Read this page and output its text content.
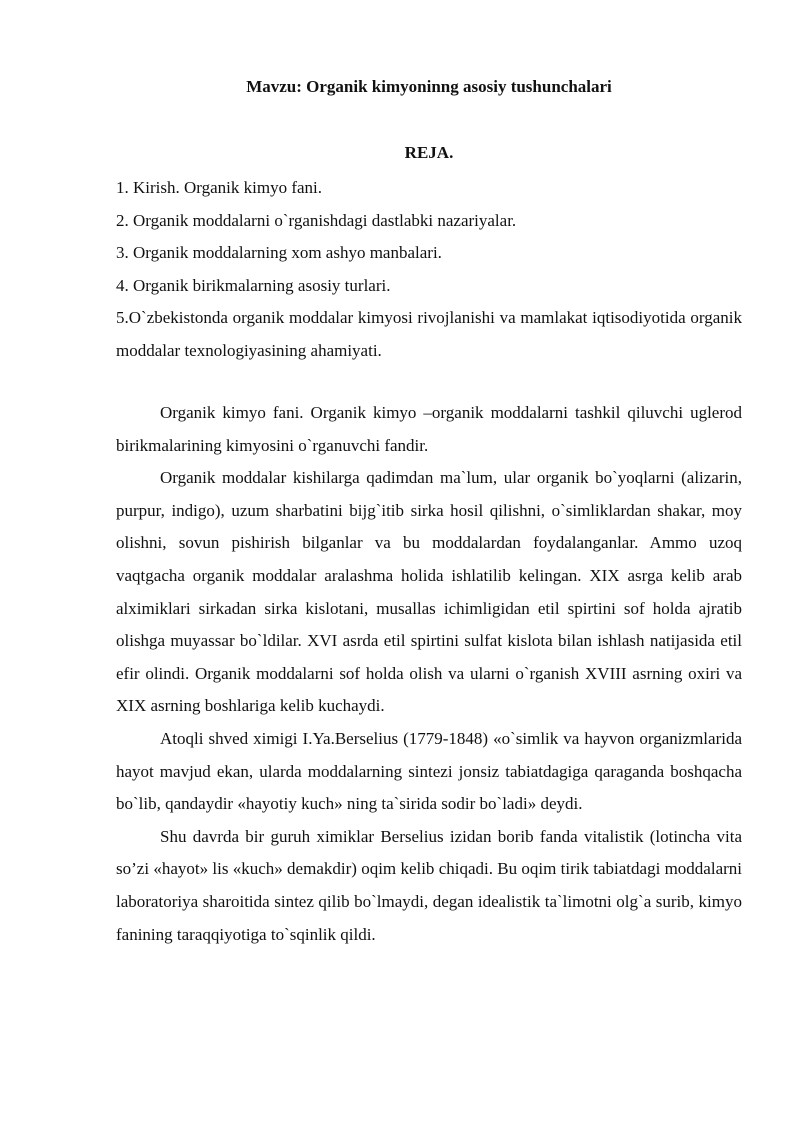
Mavzu: Organik kimyoninng asosiy tushunchalari
REJA.
1. Kirish. Organik kimyo fani.
2. Organik moddalarni o`rganishdagi dastlabki nazariyalar.
3. Organik moddalarning xom ashyo manbalari.
4. Organik birikmalarning asosiy turlari.
5.O`zbekistonda organik moddalar kimyosi rivojlanishi va mamlakat iqtisodiyotida organik moddalar texnologiyasining ahamiyati.

Organik kimyo fani. Organik kimyo –organik moddalarni tashkil qiluvchi uglerod birikmalarining kimyosini o`rganuvchi fandir.

Organik moddalar kishilarga qadimdan ma`lum, ular organik bo`yoqlarni (alizarin, purpur, indigo), uzum sharbatini bijg`itib sirka hosil qilishni, o`simliklardan shakar, moy olishni, sovun pishirish bilganlar va bu moddalardan foydalanganlar. Ammo uzoq vaqtgacha organik moddalar aralashma holida ishlatilib kelingan. XIX asrga kelib arab alximiklari sirkadan sirka kislotani, musallas ichimligidan etil spirtini sof holda ajratib olishga muyassar bo`ldilar. XVI asrda etil spirtini sulfat kislota bilan ishlash natijasida etil efir olindi. Organik moddalarni sof holda olish va ularni o`rganish XVIII asrning oxiri va XIX asrning boshlariga kelib kuchaydi.

Atoqli shved ximigi I.Ya.Berselius (1779-1848) «o`simlik va hayvon organizmlarida hayot mavjud ekan, ularda moddalarning sintezi jonsiz tabiatdagiga qaraganda boshqacha bo`lib, qandaydir «hayotiy kuch» ning ta`sirida sodir bo`ladi» deydi.

Shu davrda bir guruh ximiklar Berselius izidan borib fanda vitalistik (lotincha vita so’zi «hayot» lis «kuch» demakdir) oqim kelib chiqadi. Bu oqim tirik tabiatdagi moddalarni laboratoriya sharoitida sintez qilib bo`lmaydi, degan idealistik ta`limotni olg`a surib, kimyo fanining taraqqiyotiga to`sqinlik qildi.
